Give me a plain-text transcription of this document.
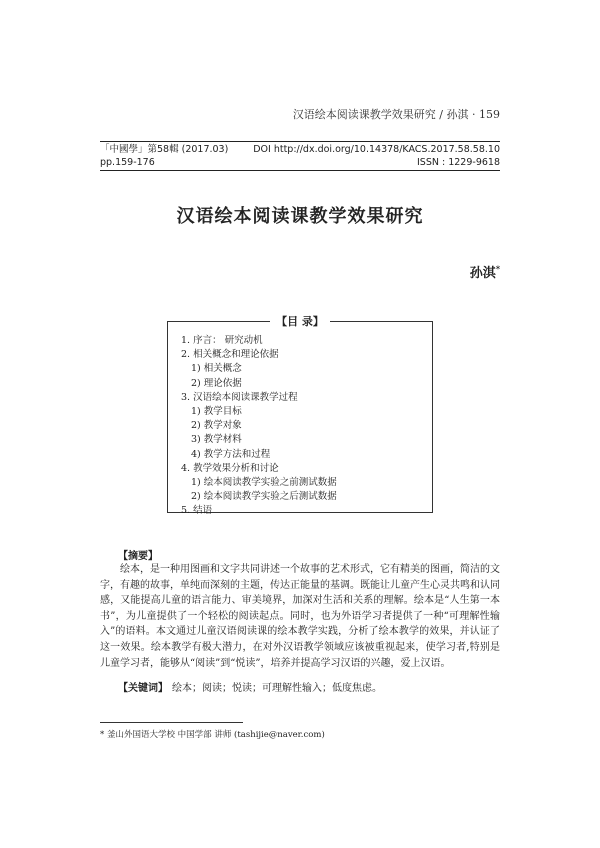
汉语绘本阅读课教学效果研究 / 孙淇 · 159
「中國學」第58輯 (2017.03)	DOI http://dx.doi.org/10.14378/KACS.2017.58.58.10
pp.159-176	ISSN : 1229-9618
汉语绘本阅读课教学效果研究
孙淇*
【目 录】
1. 序言： 研究动机
2. 相关概念和理论依据
1) 相关概念
2) 理论依据
3. 汉语绘本阅读课教学过程
1) 教学目标
2) 教学对象
3) 教学材料
4) 教学方法和过程
4. 教学效果分析和讨论
1) 绘本阅读教学实验之前测试数据
2) 绘本阅读教学实验之后测试数据
5. 结语
【摘要】

绘本，是一种用图画和文字共同讲述一个故事的艺术形式，它有精美的图画，简洁的文字，有趣的故事，单纯而深刻的主题，传达正能量的基调。既能让儿童产生心灵共鸣和认同感，又能提高儿童的语言能力、审美境界，加深对生活和关系的理解。绘本是“人生第一本书”，为儿童提供了一个轻松的阅读起点。同时，也为外语学习者提供了一种“可理解性输入”的语料。本文通过儿童汉语阅读课的绘本教学实践，分析了绘本教学的效果，并认证了这一效果。绘本教学有极大潜力，在对外汉语教学领域应该被重视起来，使学习者,特别是儿童学习者，能够从“阅读”到“悦读”，培养并提高学习汉语的兴趣，爱上汉语。

【关键词】 绘本；阅读；悦读；可理解性输入；低度焦虑。
* 釜山外国语大学校 中国学部 讲师 (tashijie@naver.com)
